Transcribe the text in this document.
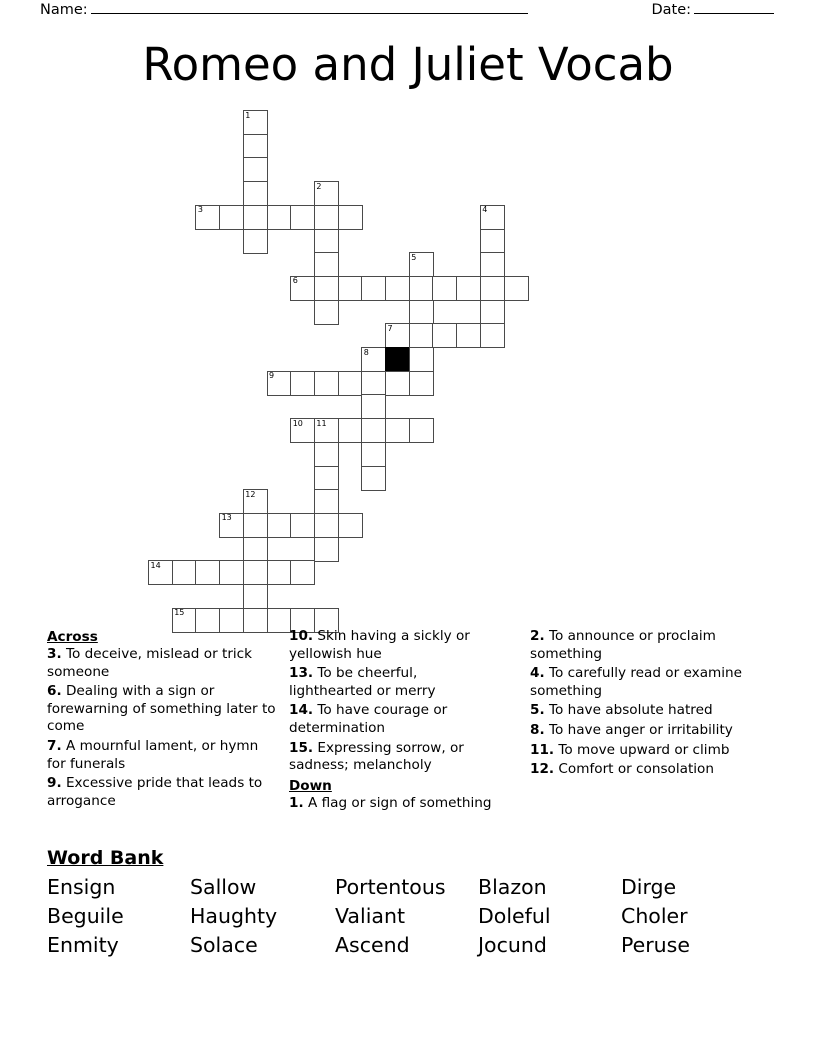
Name:	Date:
Romeo and Juliet Vocab
1
2
3	4
5
6
7
8
9
10 11
12
13
14
15
Across
3. To deceive, mislead or trick someone
6. Dealing with a sign or forewarning of something later to come
7. A mournful lament, or hymn for funerals
9. Excessive pride that leads to arrogance
10. Skin having a sickly or yellowish hue
13. To be cheerful, lighthearted or merry
14. To have courage or determination
15. Expressing sorrow, or sadness; melancholy
Down
1. A flag or sign of something
2. To announce or proclaim something
4. To carefully read or examine something
5. To have absolute hatred
8. To have anger or irritability
11. To move upward or climb
12. Comfort or consolation
Word Bank
Ensign	Sallow	Portentous	Blazon	Dirge
Beguile	Haughty	Valiant	Doleful	Choler
Enmity	Solace	Ascend	Jocund	Peruse
